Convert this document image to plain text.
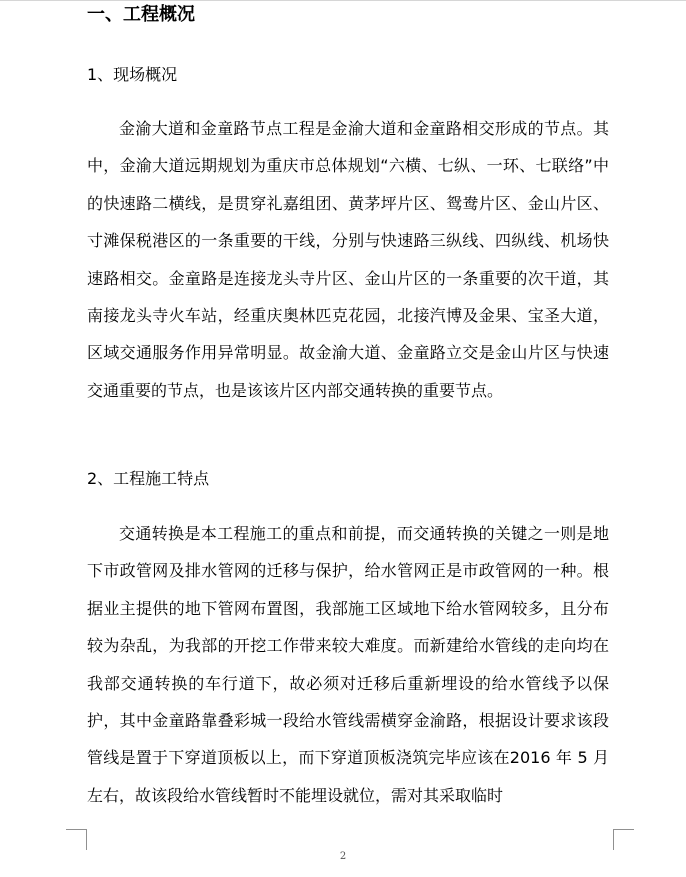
一、工程概况
1、现场概况

金渝大道和金童路节点工程是金渝大道和金童路相交形成的节点。其中，金渝大道远期规划为重庆市总体规划“六横、七纵、一环、七联络”中的快速路二横线，是贯穿礼嘉组团、黄茅坪片区、鸳鸯片区、金山片区、寸滩保税港区的一条重要的干线，分别与快速路三纵线、四纵线、机场快速路相交。金童路是连接龙头寺片区、金山片区的一条重要的次干道，其南接龙头寺火车站，经重庆奥林匹克花园，北接汽博及金果、宝圣大道，区域交通服务作用异常明显。故金渝大道、金童路立交是金山片区与快速交通重要的节点，也是该该片区内部交通转换的重要节点。

2、工程施工特点

交通转换是本工程施工的重点和前提，而交通转换的关键之一则是地下市政管网及排水管网的迁移与保护，给水管网正是市政管网的一种。根据业主提供的地下管网布置图，我部施工区域地下给水管网较多，且分布较为杂乱，为我部的开挖工作带来较大难度。而新建给水管线的走向均在我部交通转换的车行道下，故必须对迁移后重新埋设的给水管线予以保护，其中金童路靠叠彩城一段给水管线需横穿金渝路，根据设计要求该段管线是置于下穿道顶板以上，而下穿道顶板浇筑完毕应该在2016 年 5 月左右，故该段给水管线暂时不能埋设就位，需对其采取临时

2
